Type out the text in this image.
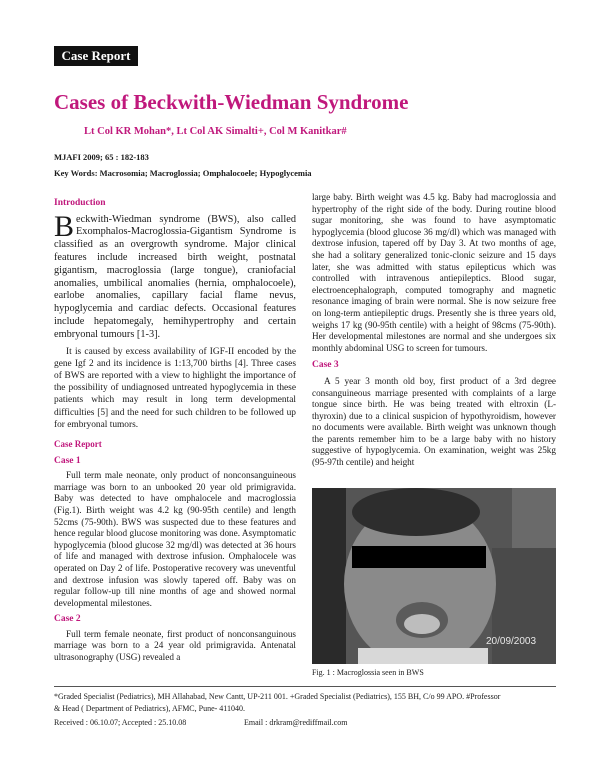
Case Report
Cases of Beckwith-Wiedman Syndrome
Lt Col KR Mohan*, Lt Col AK Simalti+, Col M Kanitkar#
MJAFI 2009; 65 : 182-183
Key Words: Macrosomia; Macroglossia; Omphalocoele; Hypoglycemia
Introduction

Beckwith-Wiedman syndrome (BWS), also called Exomphalos-Macroglossia-Gigantism Syndrome is classified as an overgrowth syndrome. Major clinical features include increased birth weight, postnatal gigantism, macroglossia (large tongue), craniofacial anomalies, umbilical anomalies (hernia, omphalocoele), earlobe anomalies, capillary facial flame nevus, hypoglycemia and cardiac defects. Occasional features include hepatomegaly, hemihypertrophy and certain embryonal tumours [1-3].

It is caused by excess availability of IGF-II encoded by the gene Igf 2 and its incidence is 1:13,700 births [4]. Three cases of BWS are reported with a view to highlight the importance of the possibility of undiagnosed untreated hypoglycemia in these patients which may result in long term developmental difficulties [5] and the need for such children to be followed up for embryonal tumors.

Case Report
Case 1

Full term male neonate, only product of nonconsanguineous marriage was born to an unbooked 20 year old primigravida. Baby was detected to have omphalocele and macroglossia (Fig.1). Birth weight was 4.2 kg (90-95th centile) and length 52cms (75-90th). BWS was suspected due to these features and hence regular blood glucose monitoring was done. Asymptomatic hypoglycemia (blood glucose 32 mg/dl) was detected at 36 hours of life and managed with dextrose infusion. Omphalocele was operated on Day 2 of life. Postoperative recovery was uneventful and dextrose infusion was slowly tapered off. Baby was on regular follow-up till nine months of age and showed normal developmental milestones.

Case 2

Full term female neonate, first product of nonconsanguinous marriage was born to a 24 year old primigravida. Antenatal ultrasonography (USG) revealed a

large baby. Birth weight was 4.5 kg. Baby had macroglossia and hypertrophy of the right side of the body. During routine blood sugar monitoring, she was found to have asymptomatic hypoglycemia (blood glucose 36 mg/dl) which was managed with dextrose infusion, tapered off by Day 3. At two months of age, she had a solitary generalized tonic-clonic seizure and 15 days later, she was admitted with status epilepticus which was controlled with intravenous antiepileptics. Blood sugar, electroencephalograph, computed tomography and magnetic resonance imaging of brain were normal. She is now seizure free on long-term antiepileptic drugs. Presently she is three years old, weighs 17 kg (90-95th centile) with a height of 98cms (75-90th). Her developmental milestones are normal and she undergoes six monthly abdominal USG to screen for tumours.

Case 3

A 5 year 3 month old boy, first product of a 3rd degree consanguineous marriage presented with complaints of a large tongue since birth. He was being treated with eltroxin (L-thyroxin) due to a clinical suspicion of hypothyroidism, however no documents were available. Birth weight was unknown though the parents remember him to be a large baby with no history suggestive of hypoglycemia. On examination, weight was 25kg (95-97th centile) and height

20/09/2003
Fig. 1 : Macroglossia seen in BWS
*Graded Specialist (Pediatrics), MH Allahabad, New Cantt, UP-211 001. +Graded Specialist (Pediatrics), 155 BH, C/o 99 APO. #Professor
& Head ( Department of Pediatrics), AFMC, Pune- 411040.
Received : 06.10.07; Accepted : 25.10.08	Email : drkram@rediffmail.com
